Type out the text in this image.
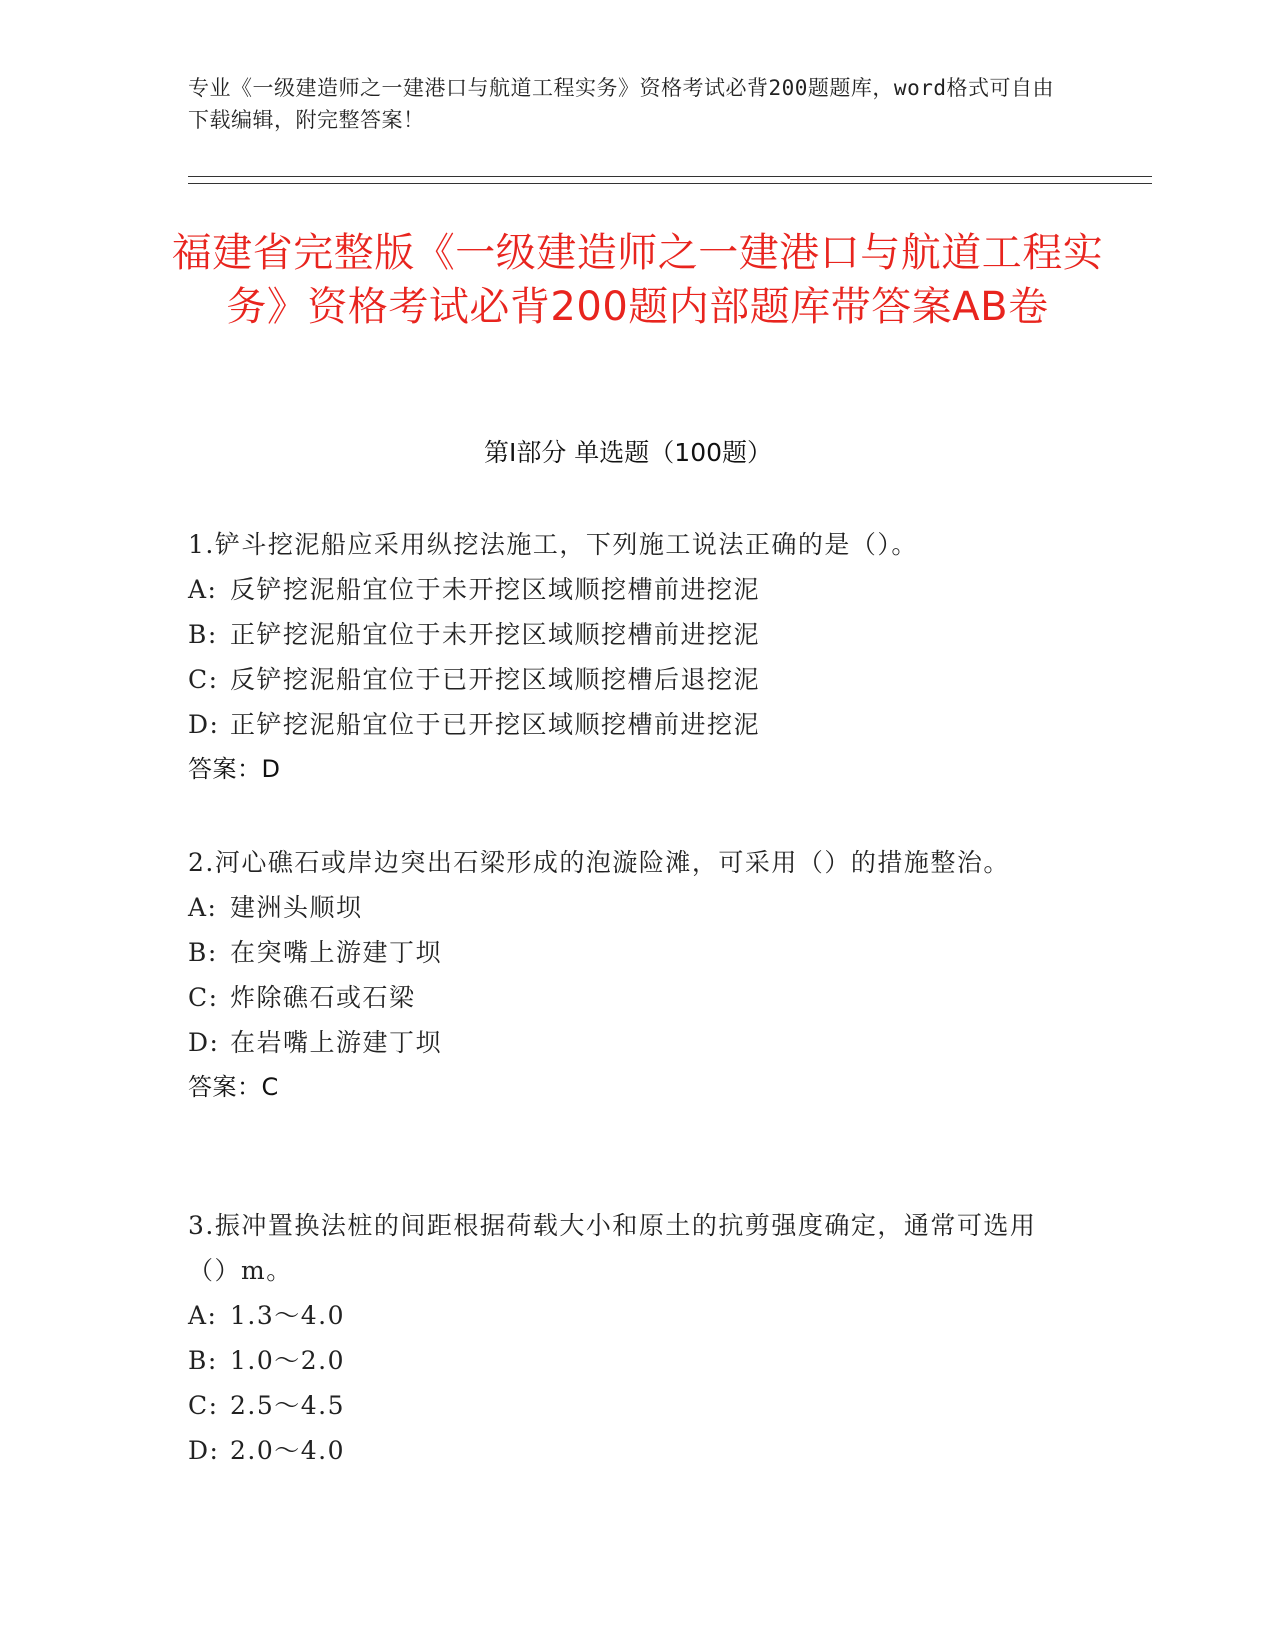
专业《一级建造师之一建港口与航道工程实务》资格考试必背200题题库，word格式可自由下载编辑，附完整答案！
福建省完整版《一级建造师之一建港口与航道工程实务》资格考试必背200题内部题库带答案AB卷
第Ⅰ部分 单选题（100题）

1.铲斗挖泥船应采用纵挖法施工，下列施工说法正确的是（）。

A: 反铲挖泥船宜位于未开挖区域顺挖槽前进挖泥

B: 正铲挖泥船宜位于未开挖区域顺挖槽前进挖泥

C: 反铲挖泥船宜位于已开挖区域顺挖槽后退挖泥

D: 正铲挖泥船宜位于已开挖区域顺挖槽前进挖泥

答案：D

2.河心礁石或岸边突出石梁形成的泡漩险滩，可采用（）的措施整治。

A: 建洲头顺坝

B: 在突嘴上游建丁坝

C: 炸除礁石或石梁

D: 在岩嘴上游建丁坝

答案：C

3.振冲置换法桩的间距根据荷载大小和原土的抗剪强度确定，通常可选用（）m。

A: 1.3～4.0

B: 1.0～2.0

C: 2.5～4.5

D: 2.0～4.0
